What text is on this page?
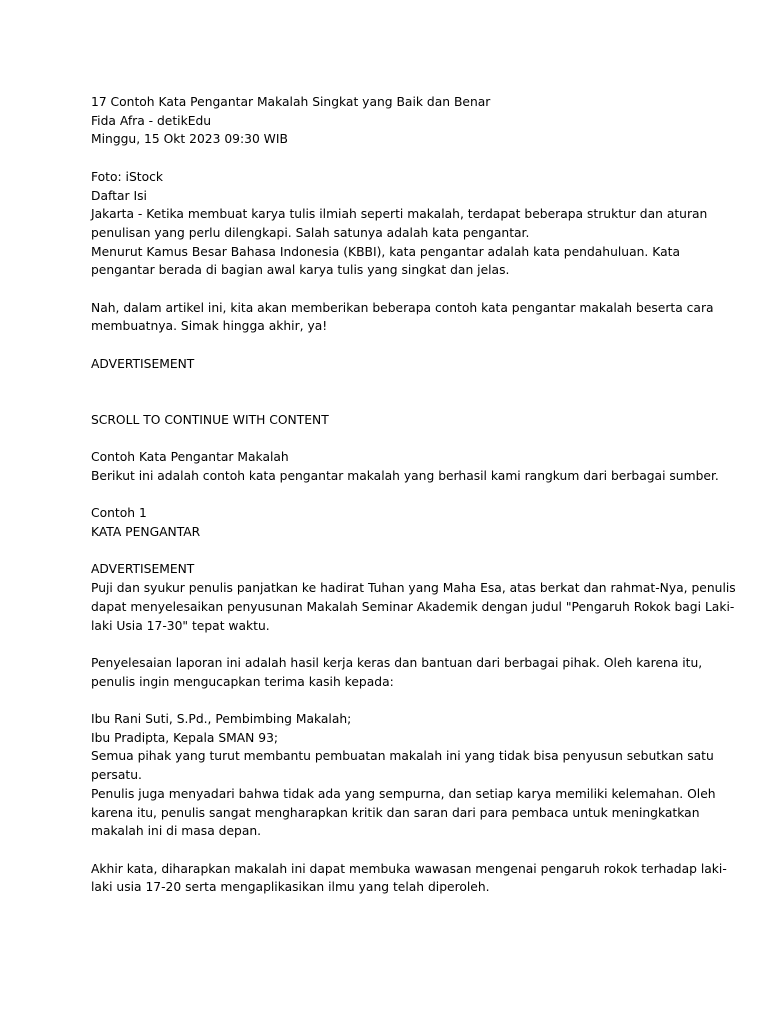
17 Contoh Kata Pengantar Makalah Singkat yang Baik dan Benar
Fida Afra - detikEdu
Minggu, 15 Okt 2023 09:30 WIB
Foto: iStock
Daftar Isi
Jakarta - Ketika membuat karya tulis ilmiah seperti makalah, terdapat beberapa struktur dan aturan
penulisan yang perlu dilengkapi. Salah satunya adalah kata pengantar.
Menurut Kamus Besar Bahasa Indonesia (KBBI), kata pengantar adalah kata pendahuluan. Kata
pengantar berada di bagian awal karya tulis yang singkat dan jelas.
Nah, dalam artikel ini, kita akan memberikan beberapa contoh kata pengantar makalah beserta cara
membuatnya. Simak hingga akhir, ya!
ADVERTISEMENT
SCROLL TO CONTINUE WITH CONTENT
Contoh Kata Pengantar Makalah
Berikut ini adalah contoh kata pengantar makalah yang berhasil kami rangkum dari berbagai sumber.
Contoh 1
KATA PENGANTAR
ADVERTISEMENT
Puji dan syukur penulis panjatkan ke hadirat Tuhan yang Maha Esa, atas berkat dan rahmat-Nya, penulis
dapat menyelesaikan penyusunan Makalah Seminar Akademik dengan judul "Pengaruh Rokok bagi Laki-
laki Usia 17-30" tepat waktu.
Penyelesaian laporan ini adalah hasil kerja keras dan bantuan dari berbagai pihak. Oleh karena itu,
penulis ingin mengucapkan terima kasih kepada:
Ibu Rani Suti, S.Pd., Pembimbing Makalah;
Ibu Pradipta, Kepala SMAN 93;
Semua pihak yang turut membantu pembuatan makalah ini yang tidak bisa penyusun sebutkan satu
persatu.
Penulis juga menyadari bahwa tidak ada yang sempurna, dan setiap karya memiliki kelemahan. Oleh
karena itu, penulis sangat mengharapkan kritik dan saran dari para pembaca untuk meningkatkan
makalah ini di masa depan.
Akhir kata, diharapkan makalah ini dapat membuka wawasan mengenai pengaruh rokok terhadap laki-
laki usia 17-20 serta mengaplikasikan ilmu yang telah diperoleh.
